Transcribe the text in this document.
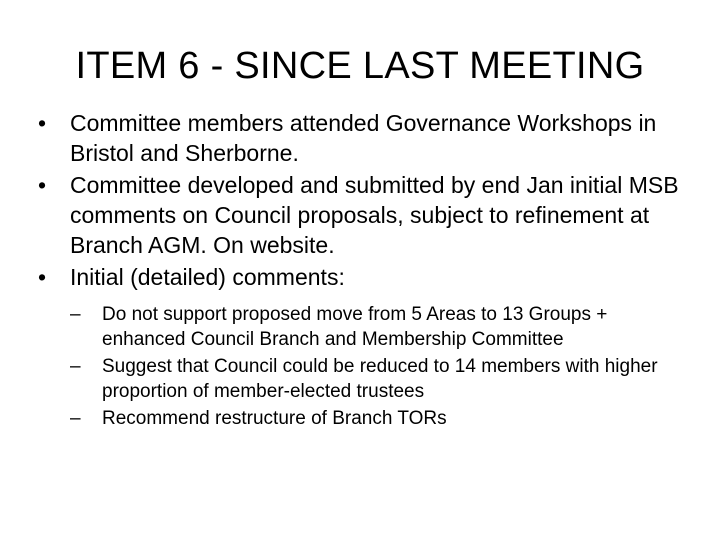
ITEM 6 - SINCE LAST MEETING
•	Committee members attended Governance Workshops in Bristol and Sherborne.
•	Committee developed and submitted by end Jan initial MSB comments on Council proposals, subject to refinement at Branch AGM. On website.
•	Initial (detailed) comments:
–	Do not support proposed move from 5 Areas to 13 Groups + enhanced Council Branch and Membership Committee
–	Suggest that Council could be reduced to 14 members with higher proportion of member-elected trustees
–	Recommend restructure of Branch TORs
